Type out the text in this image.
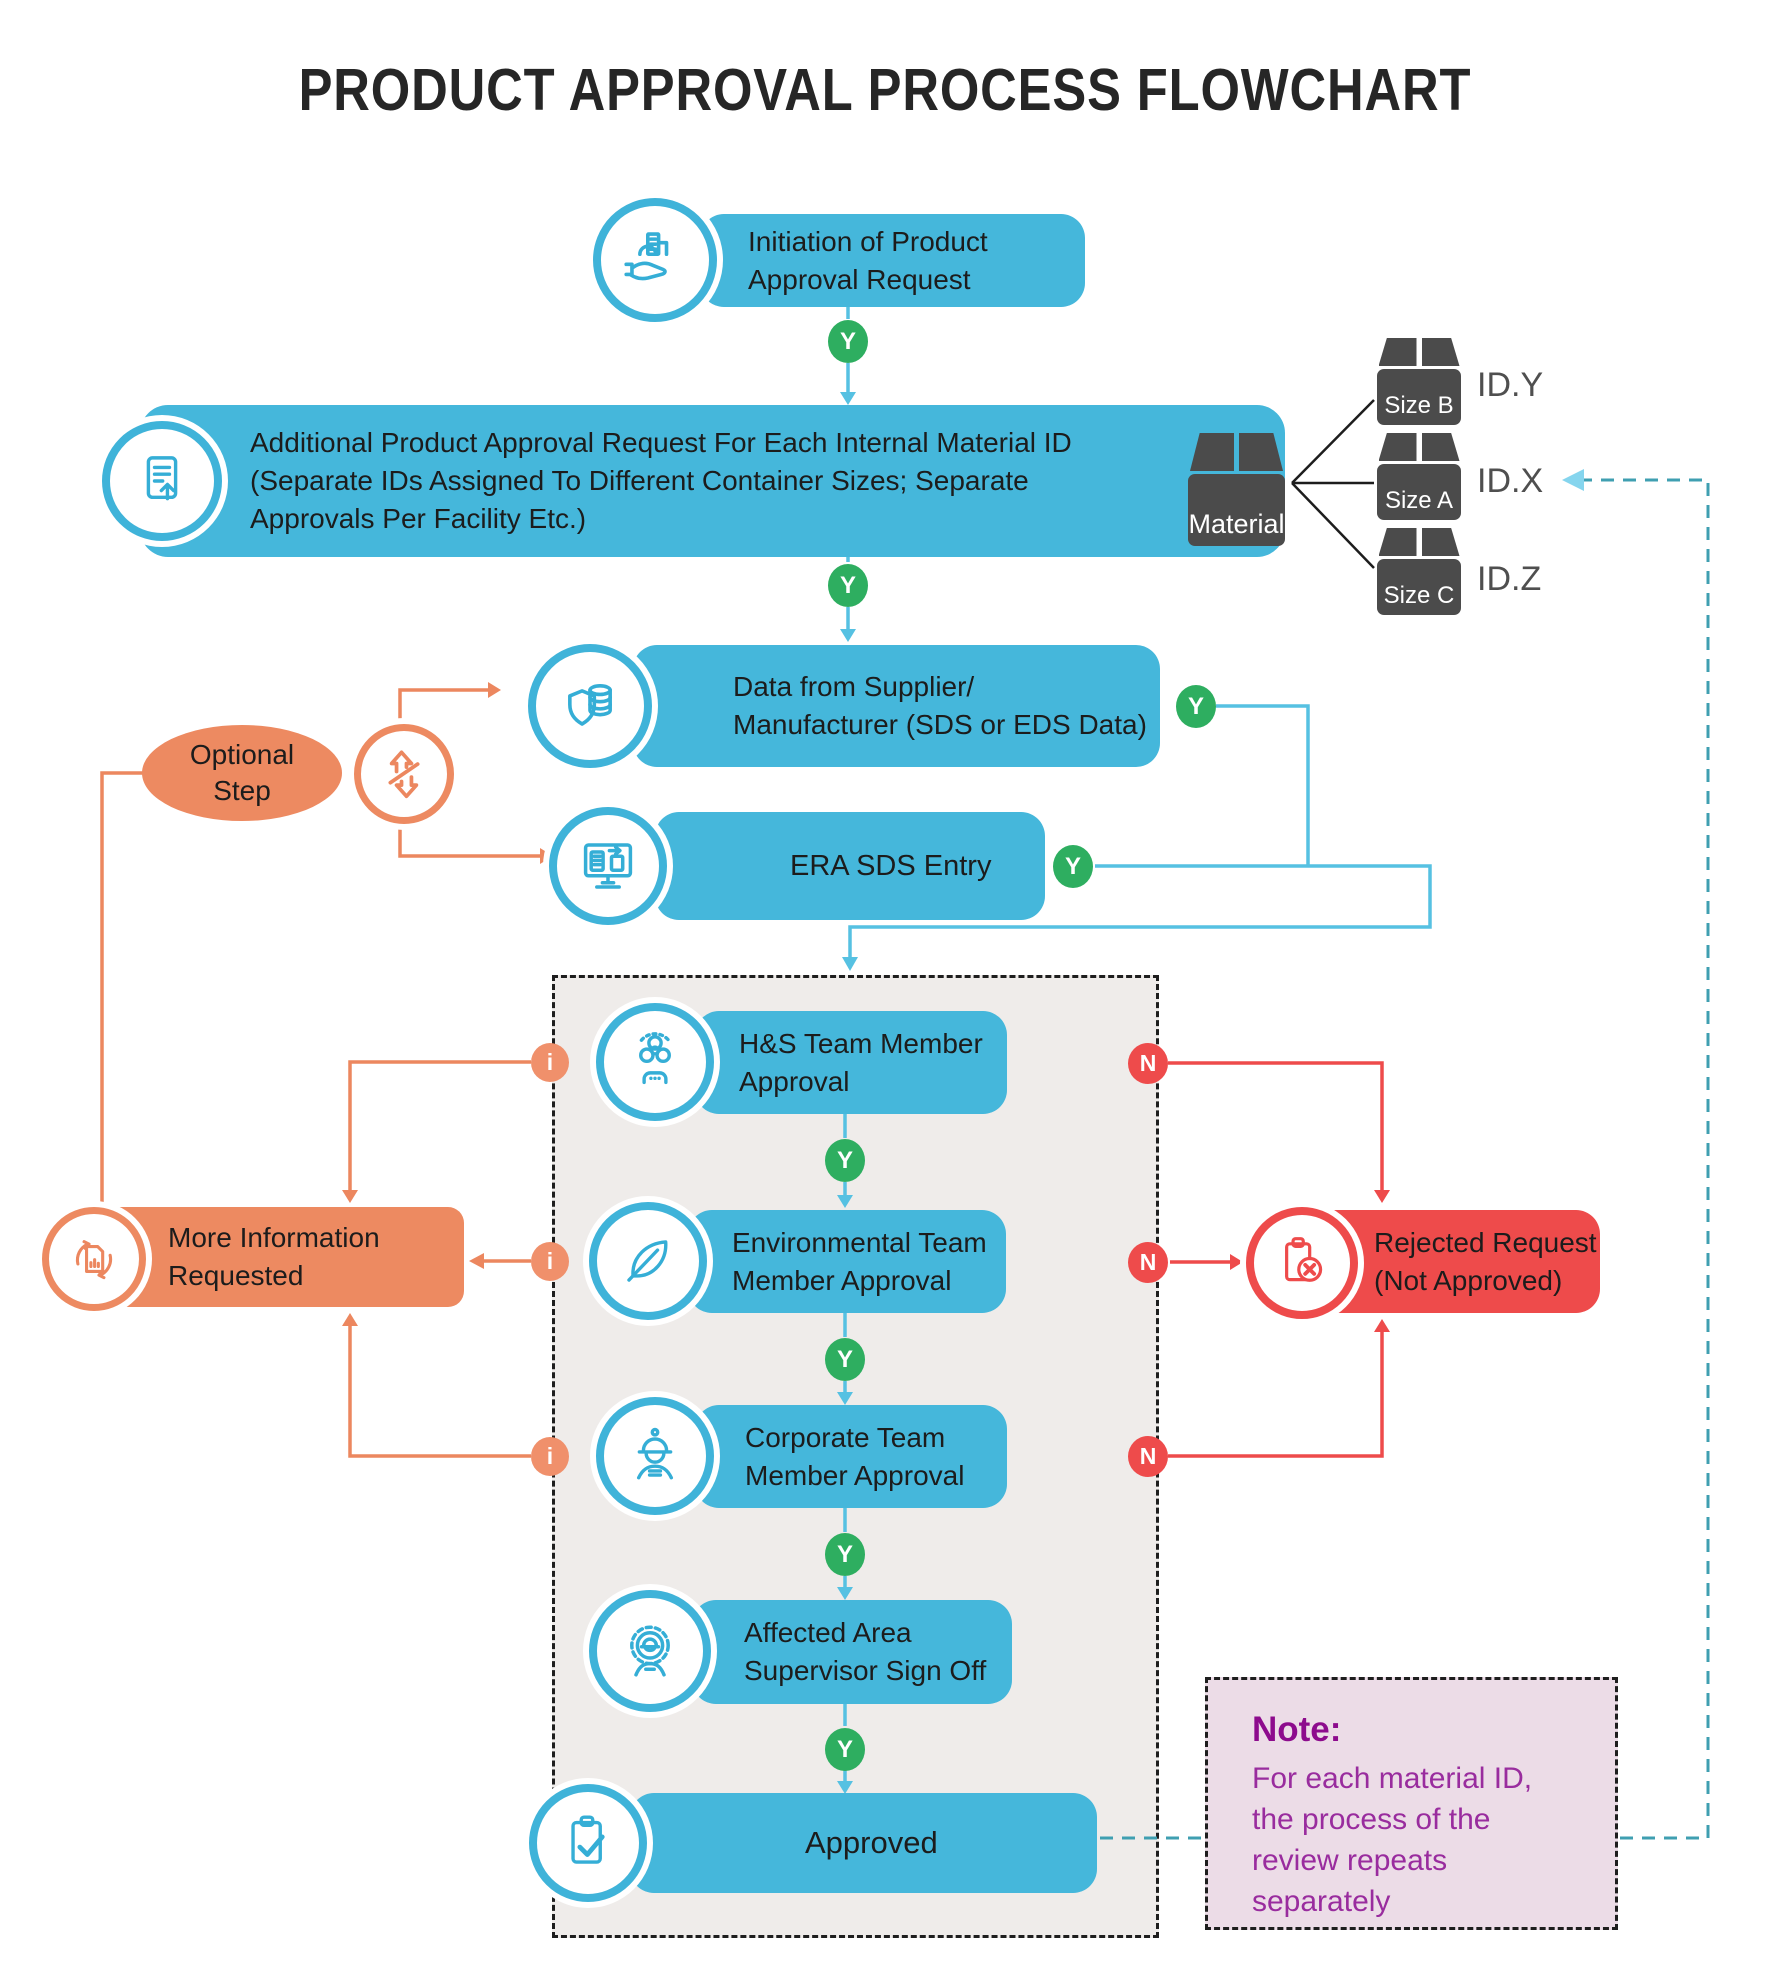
PRODUCT APPROVAL PROCESS FLOWCHART
Initiation of Product
Approval Request
Y
Additional Product Approval Request For Each Internal Material ID
(Separate IDs Assigned To Different Container Sizes; Separate
Approvals Per Facility Etc.)	Material
Y
Size B
ID.Y
Size A
ID.X
Size C ID.Z
Data from Supplier/
Manufacturer (SDS or EDS Data)
Y
ERA SDS Entry	Y
Optional
Step
H&S Team Member
Approval
i	N
Y
Environmental Team
Member Approval
i	N
Y
Corporate Team
Member Approval
i	N
Y
Affected Area
Supervisor Sign Off
Y
Approved
Rejected Request
(Not Approved)
More Information
Requested
Note:
For each material ID,
the process of the
review repeats
separately
